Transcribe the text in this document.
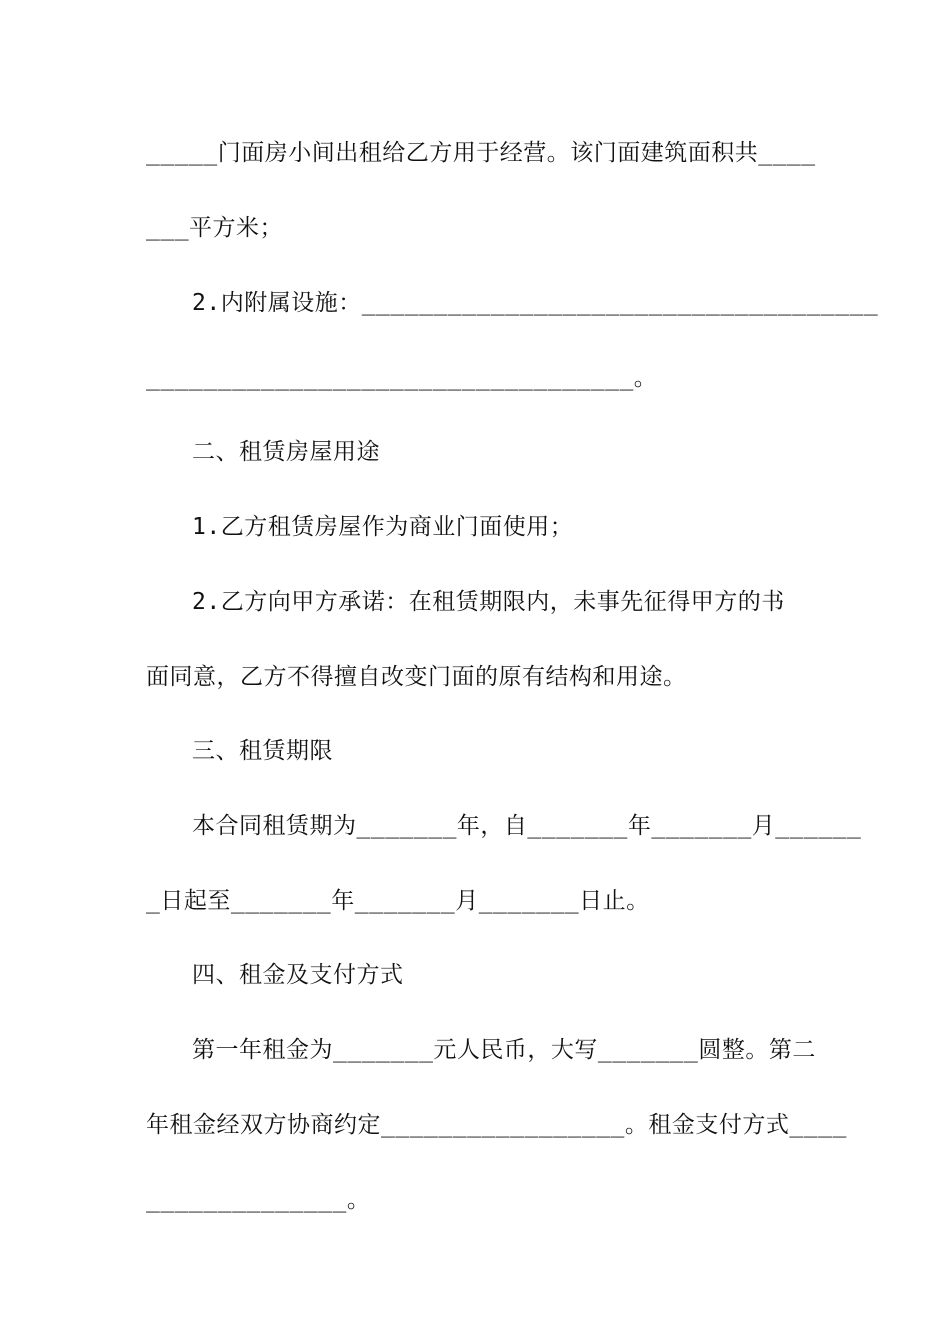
_____门面房小间出租给乙方用于经营。该门面建筑面积共____
___平方米；
2.内附属设施：____________________________________
__________________________________。
二、租赁房屋用途
1.乙方租赁房屋作为商业门面使用；
2.乙方向甲方承诺：在租赁期限内，未事先征得甲方的书
面同意，乙方不得擅自改变门面的原有结构和用途。
三、租赁期限
本合同租赁期为_______年，自_______年_______月______
_日起至_______年_______月_______日止。
四、租金及支付方式
第一年租金为_______元人民币，大写_______圆整。第二
年租金经双方协商约定_________________。租金支付方式____
______________。
